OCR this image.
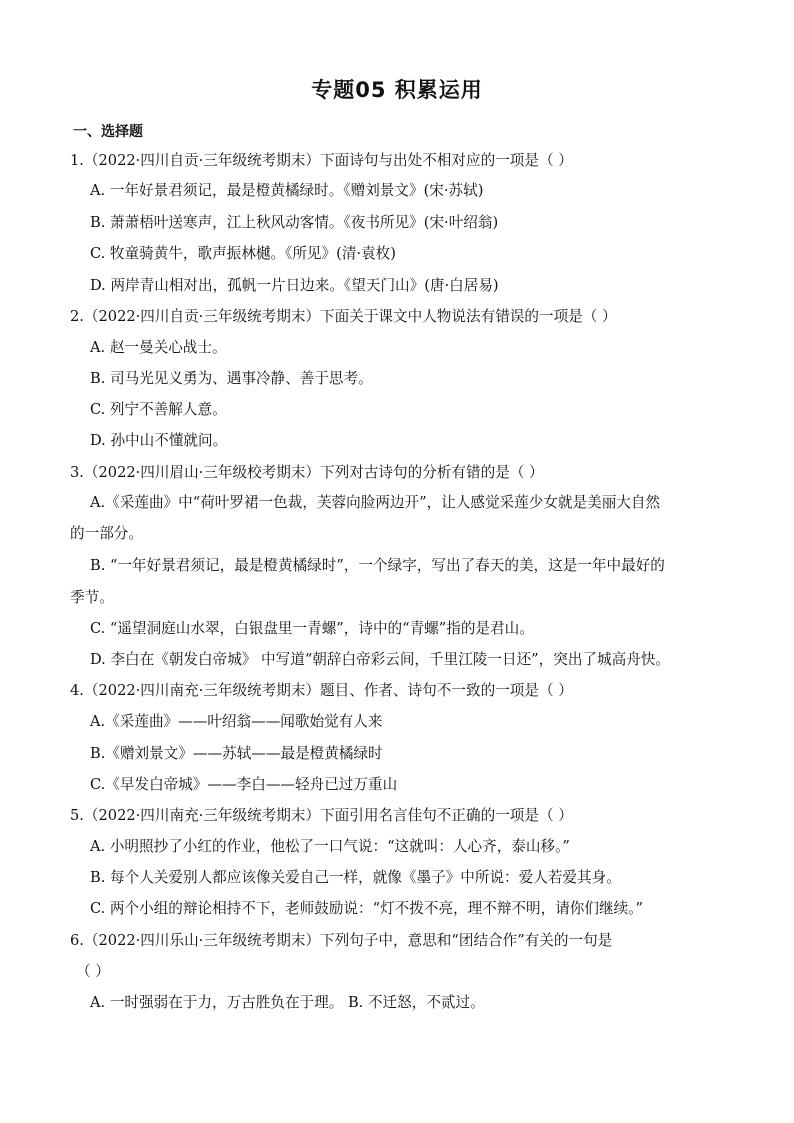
专题05 积累运用
一、选择题
1.（2022·四川自贡·三年级统考期末）下面诗句与出处不相对应的一项是（ ）
A. 一年好景君须记，最是橙黄橘绿时。《赠刘景文》(宋·苏轼)
B. 萧萧梧叶送寒声，江上秋风动客情。《夜书所见》(宋·叶绍翁)
C. 牧童骑黄牛，歌声振林樾。《所见》(清·袁枚)
D. 两岸青山相对出，孤帆一片日边来。《望天门山》(唐·白居易)
2.（2022·四川自贡·三年级统考期末）下面关于课文中人物说法有错误的一项是（ ）
A. 赵一曼关心战士。
B. 司马光见义勇为、遇事冷静、善于思考。
C. 列宁不善解人意。
D. 孙中山不懂就问。
3.（2022·四川眉山·三年级校考期末）下列对古诗句的分析有错的是（ ）
A.《采莲曲》中“荷叶罗裙一色裁，芙蓉向脸两边开”，让人感觉采莲少女就是美丽大自然
的一部分。
B. “一年好景君须记，最是橙黄橘绿时”，一个绿字，写出了春天的美，这是一年中最好的
季节。
C. “遥望洞庭山水翠，白银盘里一青螺”，诗中的“青螺”指的是君山。
D. 李白在《朝发白帝城》 中写道“朝辞白帝彩云间，千里江陵一日还”，突出了城高舟快。
4.（2022·四川南充·三年级统考期末）题目、作者、诗句不一致的一项是（ ）
A.《采莲曲》——叶绍翁——闻歌始觉有人来
B.《赠刘景文》——苏轼——最是橙黄橘绿时
C.《早发白帝城》——李白——轻舟已过万重山
5.（2022·四川南充·三年级统考期末）下面引用名言佳句不正确的一项是（ ）
A. 小明照抄了小红的作业，他松了一口气说：“这就叫：人心齐，泰山移。”
B. 每个人关爱别人都应该像关爱自己一样，就像《墨子》中所说：爱人若爱其身。
C. 两个小组的辩论相持不下，老师鼓励说：“灯不拨不亮，理不辩不明，请你们继续。”
6.（2022·四川乐山·三年级统考期末）下列句子中，意思和“团结合作”有关的一句是
（ ）
A. 一时强弱在于力，万古胜负在于理。 B. 不迁怒，不贰过。
